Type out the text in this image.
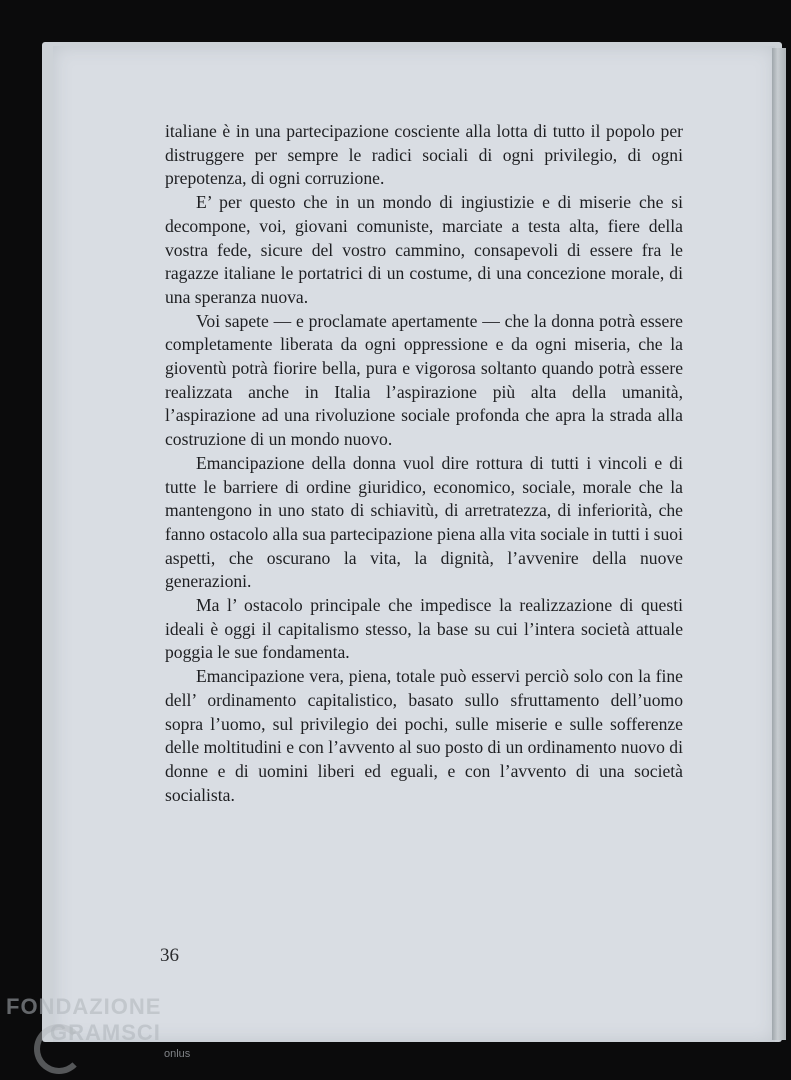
italiane è in una partecipazione cosciente alla lotta di tutto il popolo per distruggere per sempre le radici sociali di ogni privilegio, di ogni prepotenza, di ogni corruzione.

E’ per questo che in un mondo di ingiustizie e di miserie che si decompone, voi, giovani comuniste, marciate a testa alta, fiere della vostra fede, sicure del vostro cammino, consapevoli di essere fra le ragazze italiane le portatrici di un costume, di una concezione morale, di una speranza nuova.

Voi sapete — e proclamate apertamente — che la donna potrà essere completamente liberata da ogni oppressione e da ogni miseria, che la gioventù potrà fiorire bella, pura e vigorosa soltanto quando potrà essere realizzata anche in Italia l’aspirazione più alta della umanità, l’aspirazione ad una rivoluzione sociale profonda che apra la strada alla costruzione di un mondo nuovo.

Emancipazione della donna vuol dire rottura di tutti i vincoli e di tutte le barriere di ordine giuridico, economico, sociale, morale che la mantengono in uno stato di schiavitù, di arretratezza, di inferiorità, che fanno ostacolo alla sua partecipazione piena alla vita sociale in tutti i suoi aspetti, che oscurano la vita, la dignità, l’avvenire della nuove generazioni.

Ma l’ ostacolo principale che impedisce la realizzazione di questi ideali è oggi il capitalismo stesso, la base su cui l’intera società attuale poggia le sue fondamenta.

Emancipazione vera, piena, totale può esservi perciò solo con la fine dell’ ordinamento capitalistico, basato sullo sfruttamento dell’uomo sopra l’uomo, sul privilegio dei pochi, sulle miserie e sulle sofferenze delle moltitudini e con l’avvento al suo posto di un ordinamento nuovo di donne e di uomini liberi ed eguali, e con l’avvento di una società socialista.

36
FONDAZIONE
GRAMSCI
onlus
